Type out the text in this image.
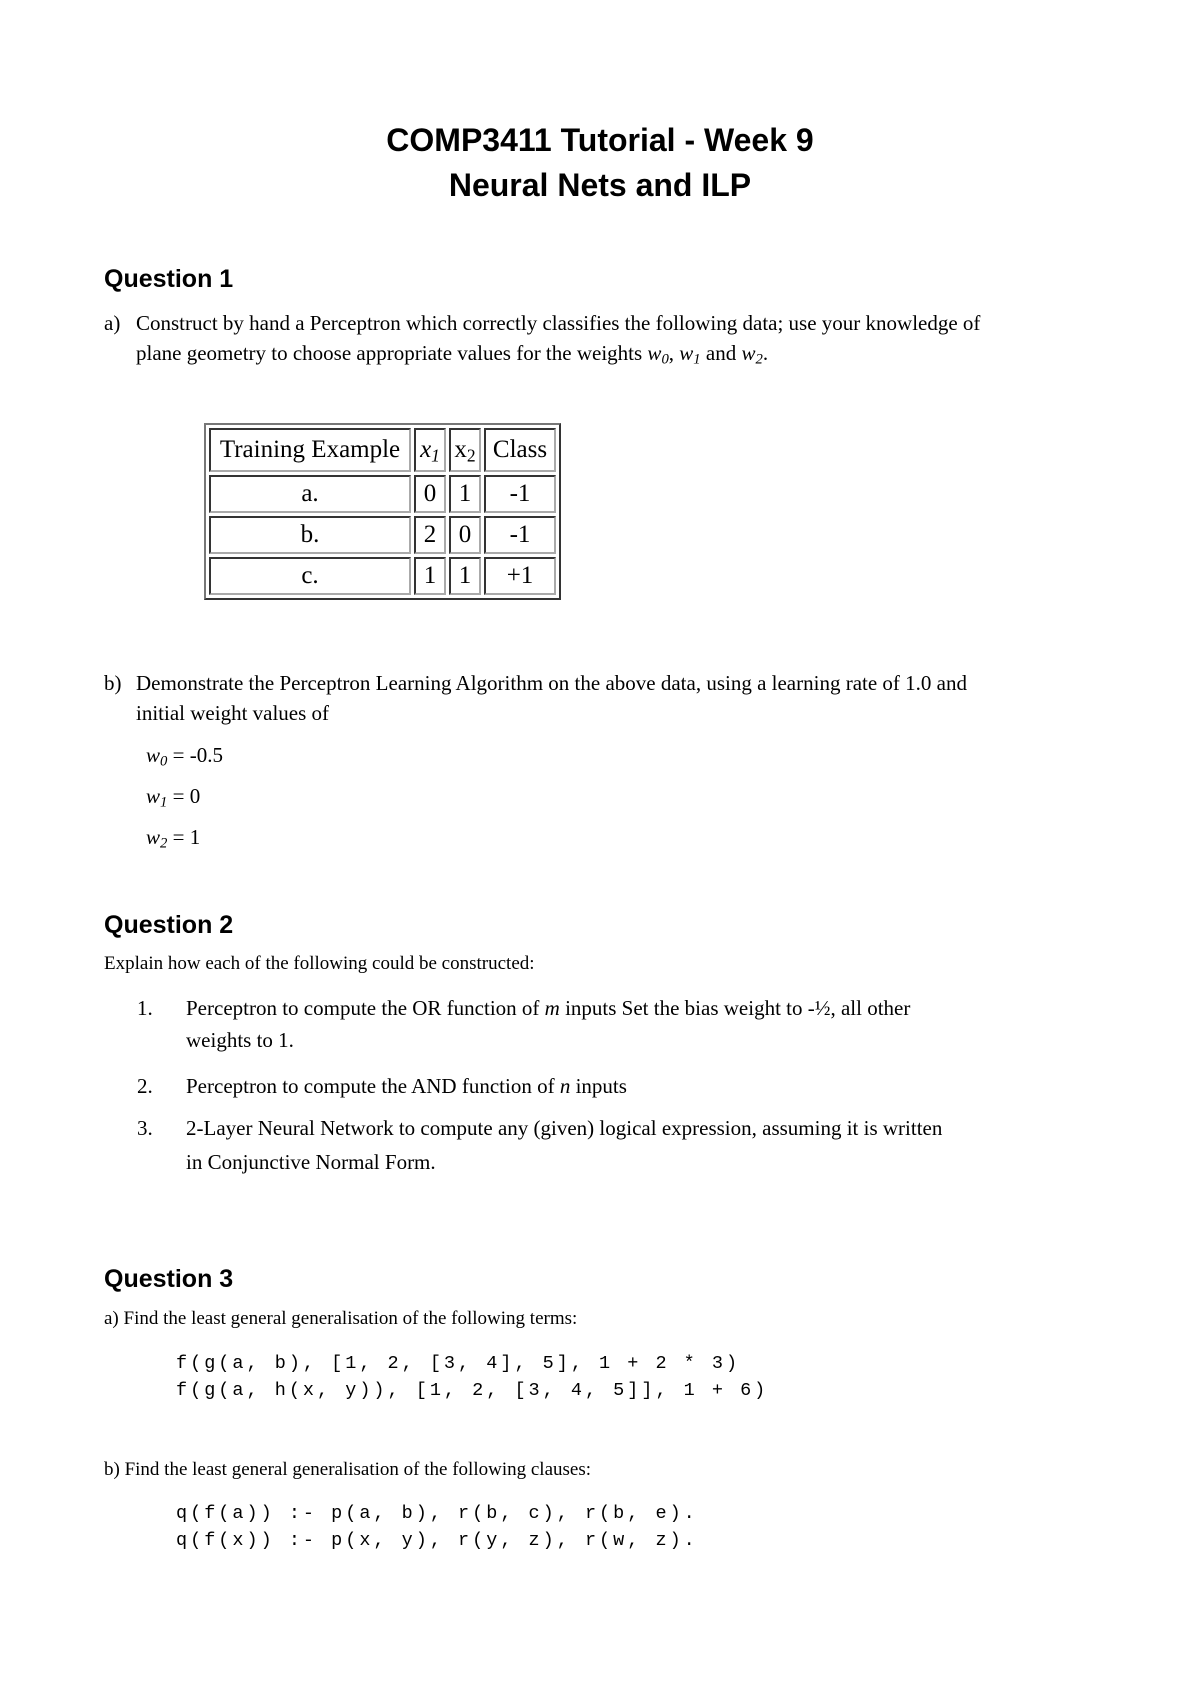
COMP3411 Tutorial - Week 9
Neural Nets and ILP
Question 1
a) Construct by hand a Perceptron which correctly classifies the following data; use your knowledge of
plane geometry to choose appropriate values for the weights $w_0$, $w_1$ and $w_2$.
Training Example	$x_1$	$x_2$	Class
a.	0	1	-1
b.	2	0	-1
c.	1	1	+1
b) Demonstrate the Perceptron Learning Algorithm on the above data, using a learning rate of 1.0 and
initial weight values of
$w_0 = -0.5$
$w_1 = 0$
$w_2 = 1$
Question 2
Explain how each of the following could be constructed:
1. Perceptron to compute the OR function of m inputs Set the bias weight to -½, all other
weights to 1.
2. Perceptron to compute the AND function of n inputs
3. 2-Layer Neural Network to compute any (given) logical expression, assuming it is written
in Conjunctive Normal Form.
Question 3
a) Find the least general generalisation of the following terms:
f(g(a, b), [1, 2, [3, 4], 5], 1 + 2 * 3)
f(g(a, h(x, y)), [1, 2, [3, 4, 5]], 1 + 6)
b) Find the least general generalisation of the following clauses:
q(f(a)) :- p(a, b), r(b, c), r(b, e).
q(f(x)) :- p(x, y), r(y, z), r(w, z).
